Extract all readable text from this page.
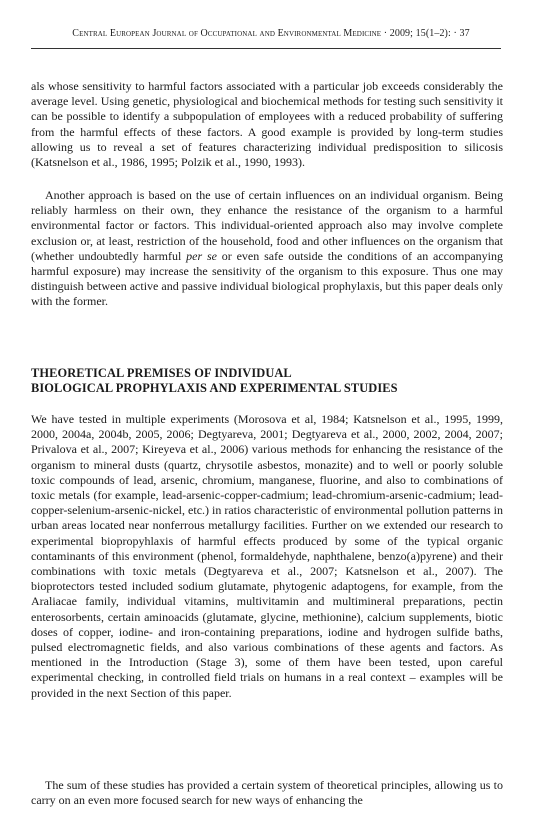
Central European Journal of Occupational and Environmental Medicine · 2009; 15(1–2): · 37

als whose sensitivity to harmful factors associated with a particular job exceeds considerably the average level. Using genetic, physiological and biochemical methods for testing such sensitivity it can be possible to identify a subpopulation of employees with a reduced probability of suffering from the harmful effects of these factors. A good example is provided by long-term studies allowing us to reveal a set of features characterizing individual predisposition to silicosis (Katsnelson et al., 1986, 1995; Polzik et al., 1990, 1993).

Another approach is based on the use of certain influences on an individual organism. Being reliably harmless on their own, they enhance the resistance of the organism to a harmful environmental factor or factors. This individual-oriented approach also may involve complete exclusion or, at least, restriction of the household, food and other influences on the organism that (whether undoubtedly harmful per se or even safe outside the conditions of an accompanying harmful exposure) may increase the sensitivity of the organism to this exposure. Thus one may distinguish between active and passive individual biological prophylaxis, but this paper deals only with the former.

THEORETICAL PREMISES OF INDIVIDUAL
BIOLOGICAL PROPHYLAXIS AND EXPERIMENTAL STUDIES

We have tested in multiple experiments (Morosova et al, 1984; Katsnelson et al., 1995, 1999, 2000, 2004a, 2004b, 2005, 2006; Degtyareva, 2001; Degtyareva et al., 2000, 2002, 2004, 2007; Privalova et al., 2007; Kireyeva et al., 2006) various methods for enhancing the resistance of the organism to mineral dusts (quartz, chrysotile asbestos, monazite) and to well or poorly soluble toxic compounds of lead, arsenic, chromium, manganese, fluorine, and also to combinations of toxic metals (for example, lead-arsenic-copper-cadmium; lead-chromium-arsenic-cadmium; lead-copper-selenium-arsenic-nickel, etc.) in ratios characteristic of environmental pollution patterns in urban areas located near nonferrous metallurgy facilities. Further on we extended our research to experimental biopropyhlaxis of harmful effects produced by some of the typical organic contaminants of this environment (phenol, formaldehyde, naphthalene, benzo(a)pyrene) and their combinations with toxic metals (Degtyareva et al., 2007; Katsnelson et al., 2007). The bioprotectors tested included sodium glutamate, phytogenic adaptogens, for example, from the Araliacae family, individual vitamins, multivitamin and multimineral preparations, pectin enterosorbents, certain aminoacids (glutamate, glycine, methionine), calcium supplements, biotic doses of copper, iodine- and iron-containing preparations, iodine and hydrogen sulfide baths, pulsed electromagnetic fields, and also various combinations of these agents and factors. As mentioned in the Introduction (Stage 3), some of them have been tested, upon careful experimental checking, in controlled field trials on humans in a real context – examples will be provided in the next Section of this paper.

The sum of these studies has provided a certain system of theoretical principles, allowing us to carry on an even more focused search for new ways of enhancing the
